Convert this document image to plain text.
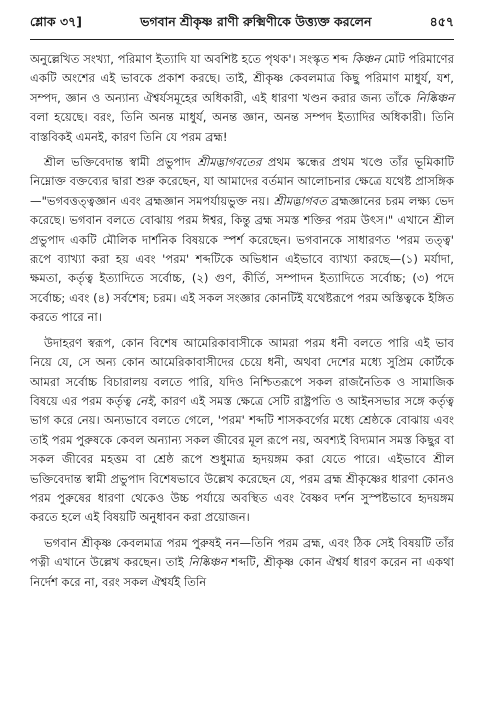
শ্লোক ৩৭]	ভগবান শ্রীকৃষ্ণ রাণী রুক্মিণীকে উত্ত্যক্ত করলেন	৪৫৭

অনুল্লেখিত সংখ্যা, পরিমাণ ইত্যাদি যা অবশিষ্ট হতে পৃথক'। সংস্কৃত শব্দ কিঞ্চন মোট পরিমাণের একটি অংশের এই ভাবকে প্রকাশ করছে। তাই, শ্রীকৃষ্ণ কেবলমাত্র কিছু পরিমাণ মাধুর্য, যশ, সম্পদ, জ্ঞান ও অন্যান্য ঐশ্বর্যসমূহের অধিকারী, এই ধারণা খণ্ডন করার জন্য তাঁকে নিষ্কিঞ্চন বলা হয়েছে। বরং, তিনি অনন্ত মাধুর্য, অনন্ত জ্ঞান, অনন্ত সম্পদ ইত্যাদির অধিকারী। তিনি বাস্তবিকই এমনই, কারণ তিনি যে পরম ব্রহ্ম!

শ্রীল ভক্তিবেদান্ত স্বামী প্রভুপাদ শ্রীমদ্ভাগবতের প্রথম স্কন্ধের প্রথম খণ্ডে তাঁর ভূমিকাটি নিম্নোক্ত বক্তব্যের দ্বারা শুরু করেছেন, যা আমাদের বর্তমান আলোচনার ক্ষেত্রে যথেষ্ট প্রাসঙ্গিক—"ভগবত্তত্ত্বজ্ঞান এবং ব্রহ্মজ্ঞান সমপর্যায়ভুক্ত নয়। শ্রীমদ্ভাগবত ব্রহ্মজ্ঞানের চরম লক্ষ্য ভেদ করেছে। ভগবান বলতে বোঝায় পরম ঈশ্বর, কিন্তু ব্রহ্ম সমস্ত শক্তির পরম উৎস।" এখানে শ্রীল প্রভুপাদ একটি মৌলিক দার্শনিক বিষয়কে স্পর্শ করেছেন। ভগবানকে সাধারণত 'পরম তত্ত্ব' রূপে ব্যাখ্যা করা হয় এবং 'পরম' শব্দটিকে অভিধান এইভাবে ব্যাখ্যা করছে—(১) মর্যাদা, ক্ষমতা, কর্তৃত্ব ইত্যাদিতে সর্বোচ্চ, (২) গুণ, কীর্তি, সম্পাদন ইত্যাদিতে সর্বোচ্চ; (৩) পদে সর্বোচ্চ; এবং (৪) সর্বশেষ; চরম। এই সকল সংজ্ঞার কোনটিই যথেষ্টরূপে পরম অস্তিত্বকে ইঙ্গিত করতে পারে না।

উদাহরণ স্বরূপ, কোন বিশেষ আমেরিকাবাসীকে আমরা পরম ধনী বলতে পারি এই ভাব নিয়ে যে, সে অন্য কোন আমেরিকাবাসীদের চেয়ে ধনী, অথবা দেশের মধ্যে সুপ্রিম কোর্টকে আমরা সর্বোচ্চ বিচারালয় বলতে পারি, যদিও নিশ্চিতরূপে সকল রাজনৈতিক ও সামাজিক বিষয়ে এর পরম কর্তৃত্ব নেই, কারণ এই সমস্ত ক্ষেত্রে সেটি রাষ্ট্রপতি ও আইনসভার সঙ্গে কর্তৃত্ব ভাগ করে নেয়। অন্যভাবে বলতে গেলে, 'পরম' শব্দটি শাসকবর্গের মধ্যে শ্রেষ্ঠকে বোঝায় এবং তাই পরম পুরুষকে কেবল অন্যান্য সকল জীবের মূল রূপে নয়, অবশ্যই বিদ্যমান সমস্ত কিছুর বা সকল জীবের মহত্তম বা শ্রেষ্ঠ রূপে শুধুমাত্র হৃদয়ঙ্গম করা যেতে পারে। এইভাবে শ্রীল ভক্তিবেদান্ত স্বামী প্রভুপাদ বিশেষভাবে উল্লেখ করেছেন যে, পরম ব্রহ্ম শ্রীকৃষ্ণের ধারণা কোনও পরম পুরুষের ধারণা থেকেও উচ্চ পর্যায়ে অবস্থিত এবং বৈষ্ণব দর্শন সুস্পষ্টভাবে হৃদয়ঙ্গম করতে হলে এই বিষয়টি অনুধাবন করা প্রয়োজন।

ভগবান শ্রীকৃষ্ণ কেবলমাত্র পরম পুরুষই নন—তিনি পরম ব্রহ্ম, এবং ঠিক সেই বিষয়টি তাঁর পত্নী এখানে উল্লেখ করছেন। তাই নিষ্কিঞ্চন শব্দটি, শ্রীকৃষ্ণ কোন ঐশ্বর্য ধারণ করেন না একথা নির্দেশ করে না, বরং সকল ঐশ্বর্যই তিনি
